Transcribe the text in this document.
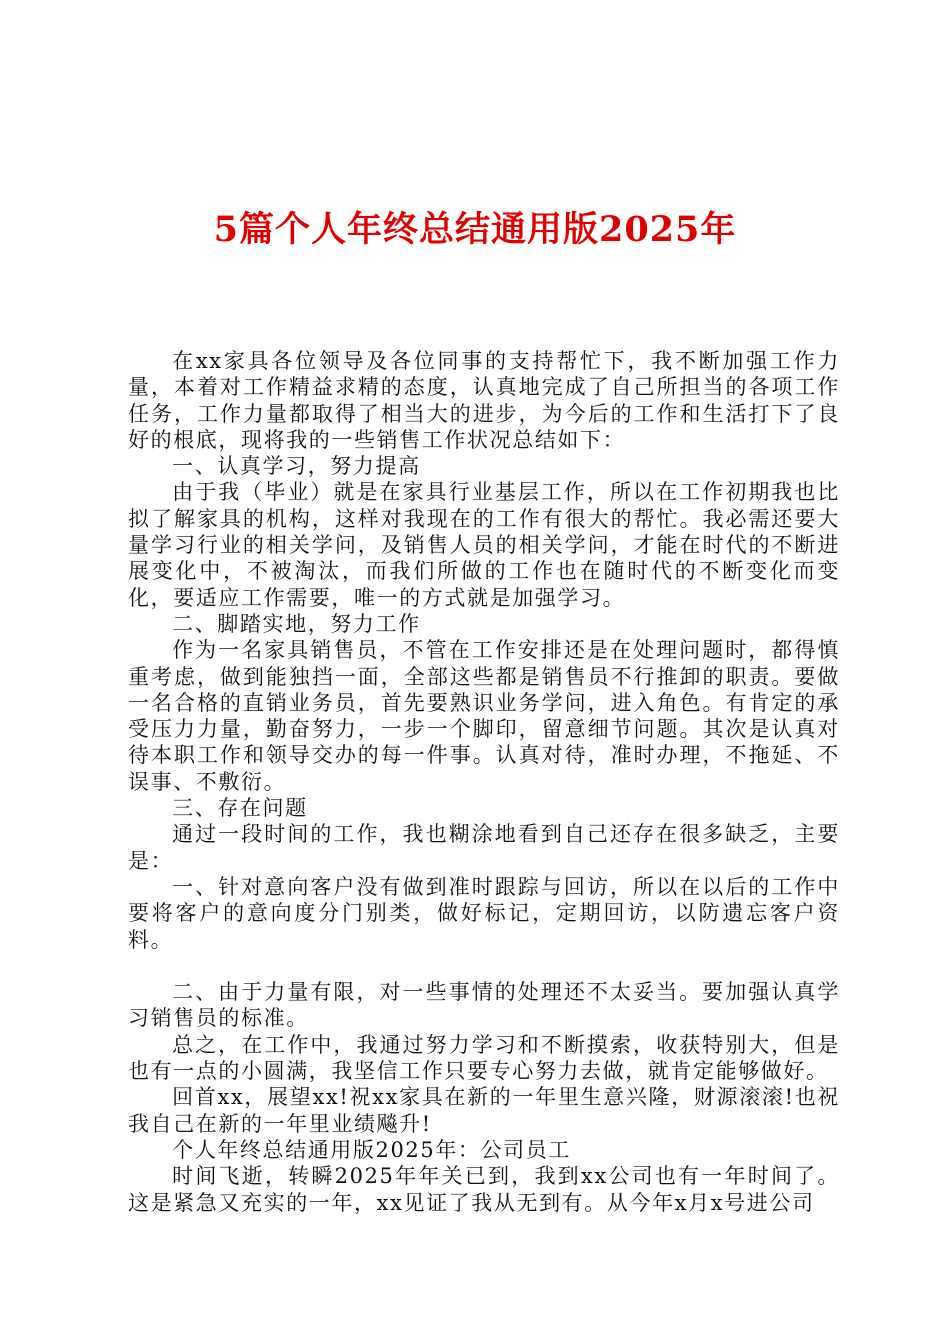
5篇个人年终总结通用版2025年

在xx家具各位领导及各位同事的支持帮忙下，我不断加强工作力量，本着对工作精益求精的态度，认真地完成了自己所担当的各项工作任务，工作力量都取得了相当大的进步，为今后的工作和生活打下了良好的根底，现将我的一些销售工作状况总结如下：

一、认真学习，努力提高

由于我（毕业）就是在家具行业基层工作，所以在工作初期我也比拟了解家具的机构，这样对我现在的工作有很大的帮忙。我必需还要大量学习行业的相关学问，及销售人员的相关学问，才能在时代的不断进展变化中，不被淘汰，而我们所做的工作也在随时代的不断变化而变化，要适应工作需要，唯一的方式就是加强学习。

二、脚踏实地，努力工作

作为一名家具销售员，不管在工作安排还是在处理问题时，都得慎重考虑，做到能独挡一面，全部这些都是销售员不行推卸的职责。要做一名合格的直销业务员，首先要熟识业务学问，进入角色。有肯定的承受压力力量，勤奋努力，一步一个脚印，留意细节问题。其次是认真对待本职工作和领导交办的每一件事。认真对待，准时办理，不拖延、不误事、不敷衍。

三、存在问题

通过一段时间的工作，我也糊涂地看到自己还存在很多缺乏，主要是：

一、针对意向客户没有做到准时跟踪与回访，所以在以后的工作中要将客户的意向度分门别类，做好标记，定期回访，以防遗忘客户资料。

二、由于力量有限，对一些事情的处理还不太妥当。要加强认真学习销售员的标准。

总之，在工作中，我通过努力学习和不断摸索，收获特别大，但是也有一点的小圆满，我坚信工作只要专心努力去做，就肯定能够做好。

回首xx，展望xx!祝xx家具在新的一年里生意兴隆，财源滚滚!也祝我自己在新的一年里业绩飚升!

个人年终总结通用版2025年：公司员工

时间飞逝，转瞬2025年年关已到，我到xx公司也有一年时间了。这是紧急又充实的一年，xx见证了我从无到有。从今年x月x号进公司
